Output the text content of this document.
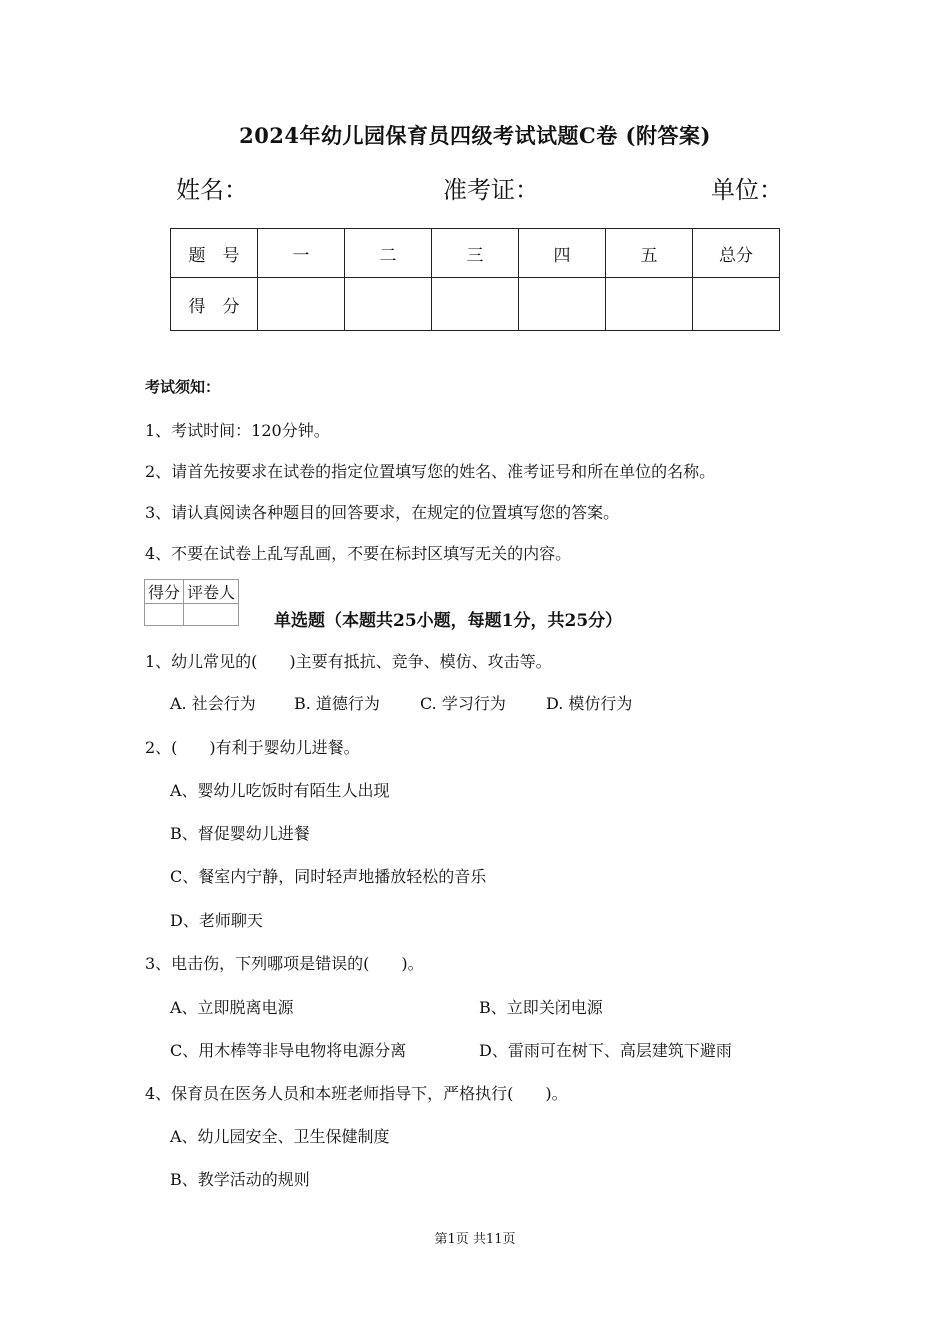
2024年幼儿园保育员四级考试试题C卷 (附答案)
姓名：	准考证：	单位：
题　号	一	二	三	四	五	总分
得　分						
考试须知：
1、考试时间：120分钟。
2、请首先按要求在试卷的指定位置填写您的姓名、准考证号和所在单位的名称。
3、请认真阅读各种题目的回答要求，在规定的位置填写您的答案。
4、不要在试卷上乱写乱画，不要在标封区填写无关的内容。
得分	评卷人

单选题（本题共25小题，每题1分，共25分）
1、幼儿常见的(　　)主要有抵抗、竞争、模仿、攻击等。
A. 社会行为 B. 道德行为	C. 学习行为	D. 模仿行为
2、(　　)有利于婴幼儿进餐。
A、婴幼儿吃饭时有陌生人出现
B、督促婴幼儿进餐
C、餐室内宁静，同时轻声地播放轻松的音乐
D、老师聊天
3、电击伤，下列哪项是错误的(　　)。
A、立即脱离电源	B、立即关闭电源
C、用木棒等非导电物将电源分离	D、雷雨可在树下、高层建筑下避雨
4、保育员在医务人员和本班老师指导下，严格执行(　　)。
A、幼儿园安全、卫生保健制度
B、教学活动的规则
第1页 共11页
